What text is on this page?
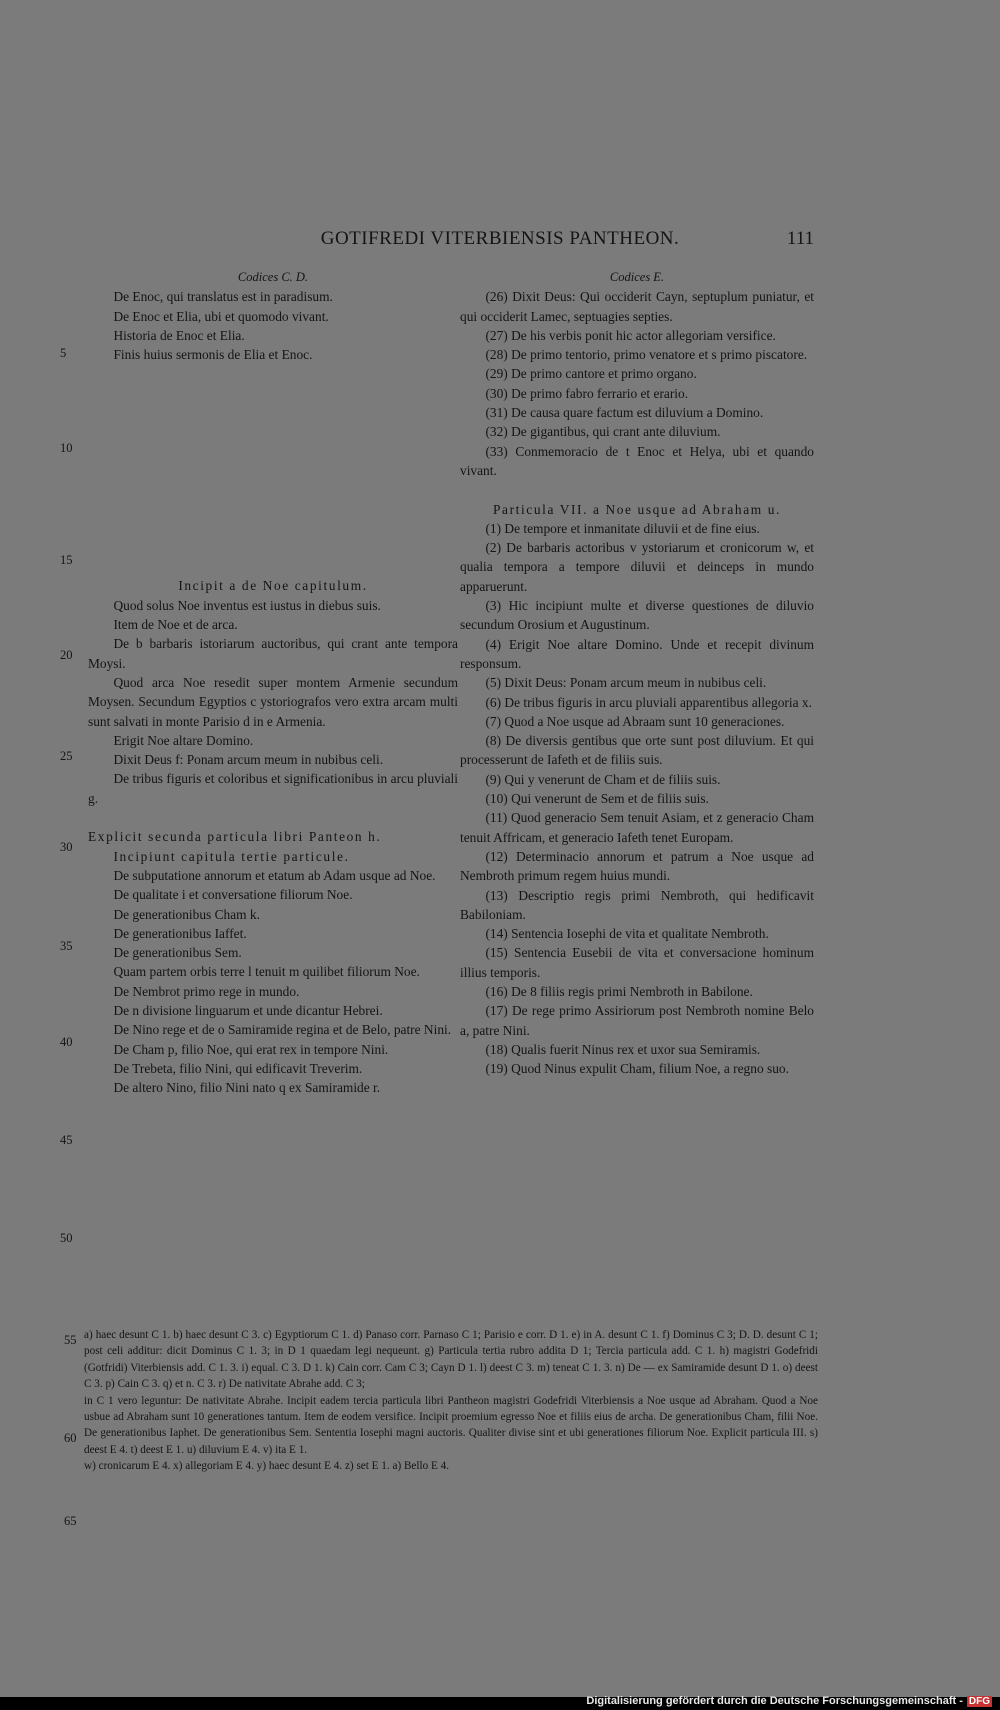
GOTIFREDI VITERBIENSIS PANTHEON.	111
5
10
15
20
25
30
35
40
45
50
55
60
65
Codices C. D.
De Enoc, qui translatus est in paradisum.
De Enoc et Elia, ubi et quomodo vivant.
Historia de Enoc et Elia.
Finis huius sermonis de Elia et Enoc.
Incipit a de Noe capitulum.
Quod solus Noe inventus est iustus in diebus suis.
Item de Noe et de arca.
De b barbaris istoriarum auctoribus, qui crant ante tempora Moysi.
Quod arca Noe resedit super montem Armenie secundum Moysen. Secundum Egyptios c ystoriografos vero extra arcam multi sunt salvati in monte Parisio d in e Armenia.
Erigit Noe altare Domino.
Dixit Deus f: Ponam arcum meum in nubibus celi.
De tribus figuris et coloribus et significationibus in arcu pluviali g.
Explicit secunda particula libri Panteon h.
Incipiunt capitula tertie particule.
De subputatione annorum et etatum ab Adam usque ad Noe.
De qualitate i et conversatione filiorum Noe.
De generationibus Cham k.
De generationibus Iaffet.
De generationibus Sem.
Quam partem orbis terre l tenuit m quilibet filiorum Noe.
De Nembrot primo rege in mundo.
De n divisione linguarum et unde dicantur Hebrei.
De Nino rege et de o Samiramide regina et de Belo, patre Nini.
De Cham p, filio Noe, qui erat rex in tempore Nini.
De Trebeta, filio Nini, qui edificavit Treverim.
De altero Nino, filio Nini nato q ex Samiramide r.
Codices E.
(26) Dixit Deus: Qui occiderit Cayn, septuplum puniatur, et qui occiderit Lamec, septuagies septies.
(27) De his verbis ponit hic actor allegoriam versifice.
(28) De primo tentorio, primo venatore et s primo piscatore.
(29) De primo cantore et primo organo.
(30) De primo fabro ferrario et erario.
(31) De causa quare factum est diluvium a Domino.
(32) De gigantibus, qui crant ante diluvium.
(33) Conmemoracio de t Enoc et Helya, ubi et quando vivant.
Particula VII. a Noe usque ad Abraham u.
(1) De tempore et inmanitate diluvii et de fine eius.
(2) De barbaris actoribus v ystoriarum et cronicorum w, et qualia tempora a tempore diluvii et deinceps in mundo apparuerunt.
(3) Hic incipiunt multe et diverse questiones de diluvio secundum Orosium et Augustinum.
(4) Erigit Noe altare Domino. Unde et recepit divinum responsum.
(5) Dixit Deus: Ponam arcum meum in nubibus celi.
(6) De tribus figuris in arcu pluviali apparentibus allegoria x.
(7) Quod a Noe usque ad Abraam sunt 10 generaciones.
(8) De diversis gentibus que orte sunt post diluvium. Et qui processerunt de Iafeth et de filiis suis.
(9) Qui y venerunt de Cham et de filiis suis.
(10) Qui venerunt de Sem et de filiis suis.
(11) Quod generacio Sem tenuit Asiam, et z generacio Cham tenuit Affricam, et generacio Iafeth tenet Europam.
(12) Determinacio annorum et patrum a Noe usque ad Nembroth primum regem huius mundi.
(13) Descriptio regis primi Nembroth, qui hedificavit Babiloniam.
(14) Sentencia Iosephi de vita et qualitate Nembroth.
(15) Sentencia Eusebii de vita et conversacione hominum illius temporis.
(16) De 8 filiis regis primi Nembroth in Babilone.
(17) De rege primo Assiriorum post Nembroth nomine Belo a, patre Nini.
(18) Qualis fuerit Ninus rex et uxor sua Semiramis.
(19) Quod Ninus expulit Cham, filium Noe, a regno suo.
a) haec desunt C 1. b) haec desunt C 3. c) Egyptiorum C 1. d) Panaso corr. Parnaso C 1; Parisio e corr. D 1. e) in A. desunt C 1. f) Dominus C 3; D. D. desunt C 1; post celi additur: dicit Dominus C 1. 3; in D 1 quaedam legi nequeunt. g) Particula tertia rubro addita D 1; Tercia particula add. C 1. h) magistri Godefridi (Gotfridi) Viterbiensis add. C 1. 3. i) equal. C 3. D 1. k) Cain corr. Cam C 3; Cayn D 1. l) deest C 3. m) teneat C 1. 3. n) De — ex Samiramide desunt D 1. o) deest C 3. p) Cain C 3. q) et n. C 3. r) De nativitate Abrahe add. C 3;
in C 1 vero leguntur: De nativitate Abrahe. Incipit eadem tercia particula libri Pantheon magistri Godefridi Viterbiensis a Noe usque ad Abraham. Quod a Noe usbue ad Abraham sunt 10 generationes tantum. Item de eodem versifice. Incipit proemium egresso Noe et filiis eius de archa. De generationibus Cham, filii Noe. De generationibus Iaphet. De generationibus Sem. Sententia Iosephi magni auctoris. Qualiter divise sint et ubi generationes filiorum Noe. Explicit particula III. s) deest E 4. t) deest E 1. u) diluvium E 4. v) ita E 1.
w) cronicarum E 4. x) allegoriam E 4. y) haec desunt E 4. z) set E 1. a) Bello E 4.
Digitalisierung gefördert durch die Deutsche Forschungsgemeinschaft - DFG
